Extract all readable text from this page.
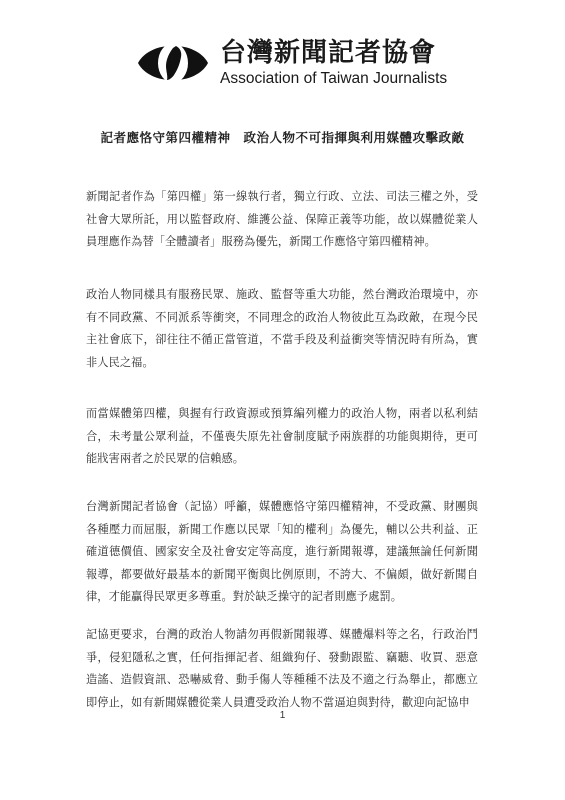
台灣新聞記者協會
Association of Taiwan Journalists
記者應恪守第四權精神　政治人物不可指揮與利用媒體攻擊政敵
新聞記者作為「第四權」第一線執行者，獨立行政、立法、司法三權之外，受社會大眾所託，用以監督政府、維護公益、保障正義等功能，故以媒體從業人員理應作為替「全體讀者」服務為優先，新聞工作應恪守第四權精神。
政治人物同樣具有服務民眾、施政、監督等重大功能，然台灣政治環境中，亦有不同政黨、不同派系等衝突，不同理念的政治人物彼此互為政敵，在現今民主社會底下，卻往往不循正當管道，不當手段及利益衝突等情況時有所為，實非人民之福。
而當媒體第四權，與握有行政資源或預算編列權力的政治人物，兩者以私利結合，未考量公眾利益，不僅喪失原先社會制度賦予兩族群的功能與期待，更可能戕害兩者之於民眾的信賴感。
台灣新聞記者協會（記協）呼籲，媒體應恪守第四權精神，不受政黨、財團與各種壓力而屈服，新聞工作應以民眾「知的權利」為優先，輔以公共利益、正確道德價值、國家安全及社會安定等高度，進行新聞報導，建議無論任何新聞報導，都要做好最基本的新聞平衡與比例原則，不誇大、不偏頗，做好新聞自律，才能贏得民眾更多尊重。對於缺乏操守的記者則應予處罰。
記協更要求，台灣的政治人物請勿再假新聞報導、媒體爆料等之名，行政治鬥爭，侵犯隱私之實，任何指揮記者、組織狗仔、發動跟監、竊聽、收買、惡意造謠、造假資訊、恐嚇威脅、動手傷人等種種不法及不適之行為舉止，都應立即停止，如有新聞媒體從業人員遭受政治人物不當逼迫與對待，歡迎向記協申
1
